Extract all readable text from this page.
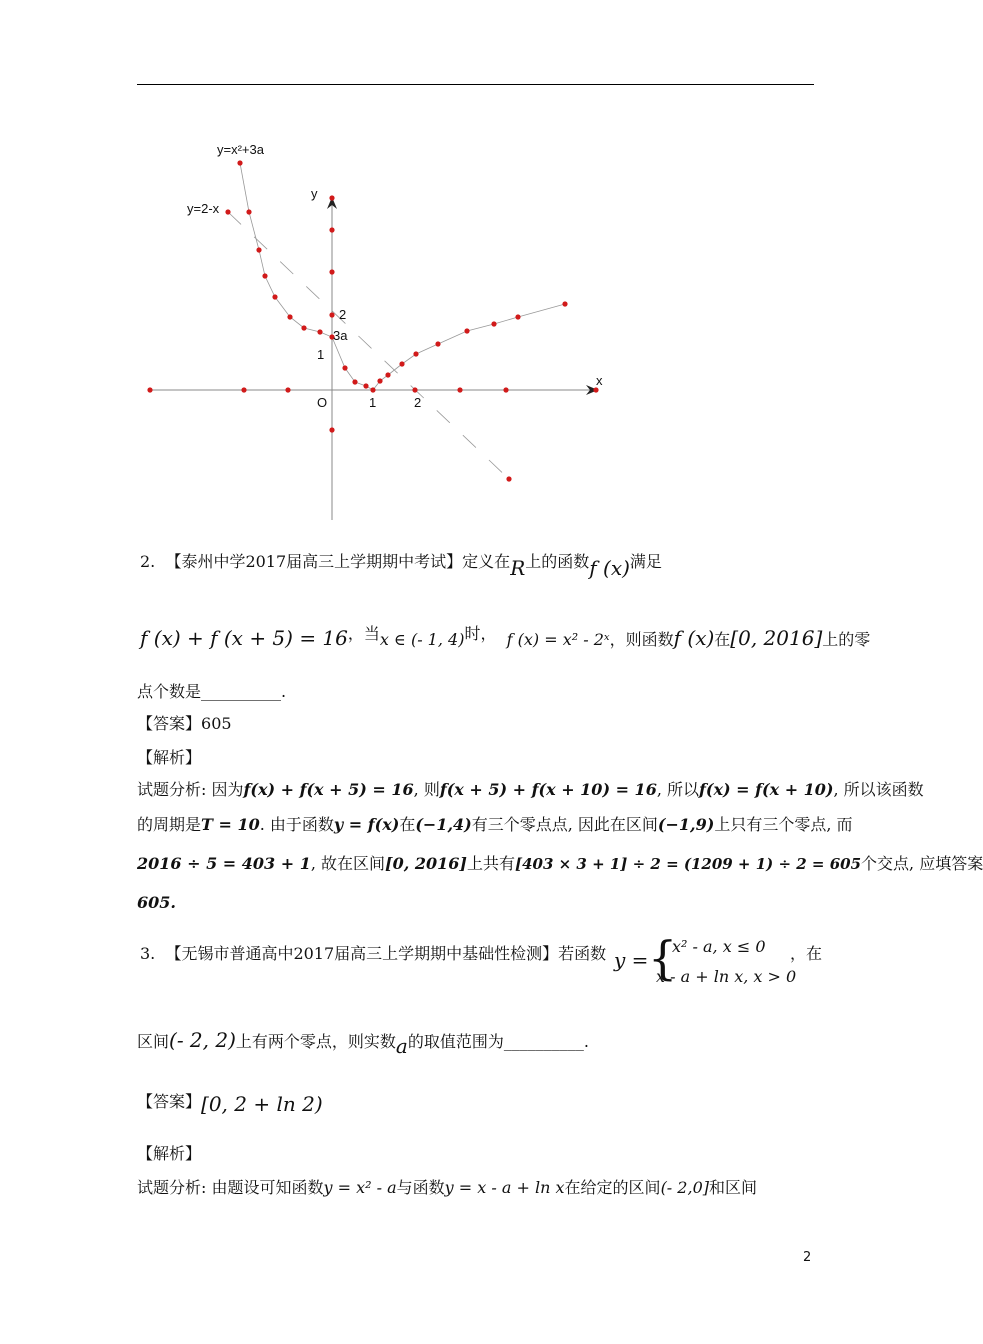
y=x²+3a
y=2-x
y
x
O	1	2
1
2
3a
2. 【泰州中学2017届高三上学期期中考试】定义在R上的函数f (x)满足
f (x) + f (x + 5) = 16，当x ∈ (- 1, 4)时， f (x) = x² - 2ˣ，则函数f (x)在[0, 2016]上的零
点个数是__________.
【答案】605
【解析】
试题分析: 因为f(x) + f(x + 5) = 16, 则f(x + 5) + f(x + 10) = 16, 所以f(x) = f(x + 10), 所以该函数
的周期是T = 10. 由于函数y = f(x)在(−1,4)有三个零点点, 因此在区间(−1,9)上只有三个零点, 而
2016 ÷ 5 = 403 + 1, 故在区间[0, 2016]上共有[403 × 3 + 1] ÷ 2 = (1209 + 1) ÷ 2 = 605个交点, 应填答案
605.
3. 【无锡市普通高中2017届高三上学期期中基础性检测】若函数 y = {
x² - a, x ≤ 0
x - a + ln x, x > 0
，在
区间(- 2, 2)上有两个零点，则实数a的取值范围为__________.
【答案】[0, 2 + ln 2)
【解析】
试题分析: 由题设可知函数y = x² - a与函数y = x - a + ln x在给定的区间(- 2,0]和区间
2
